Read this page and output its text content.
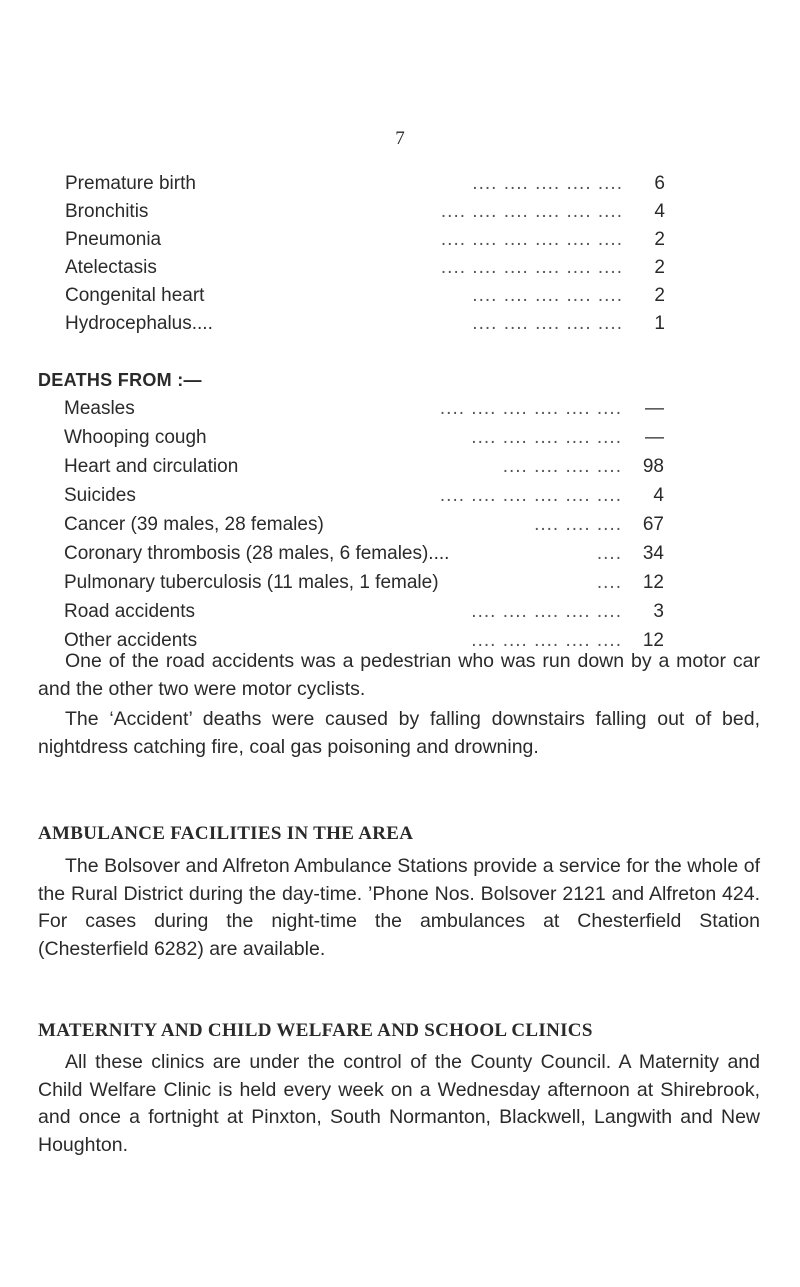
7
Premature birth	.... .... .... .... ....	6
Bronchitis	.... .... .... .... .... ....	4
Pneumonia	.... .... .... .... .... ....	2
Atelectasis	.... .... .... .... .... ....	2
Congenital heart	.... .... .... .... ....	2
Hydrocephalus....	.... .... .... .... ....	1
DEATHS FROM :—
Measles	.... .... .... .... .... ....	—
Whooping cough	.... .... .... .... ....	—
Heart and circulation	.... .... .... ....	98
Suicides	.... .... .... .... .... ....	4
Cancer (39 males, 28 females)	.... .... ....	67
Coronary thrombosis (28 males, 6 females)....	....	34
Pulmonary tuberculosis (11 males, 1 female)	....	12
Road accidents	.... .... .... .... ....	3
Other accidents	.... .... .... .... ....	12

One of the road accidents was a pedestrian who was run down by a motor car and the other two were motor cyclists.

The ‘Accident’ deaths were caused by falling downstairs falling out of bed, nightdress catching fire, coal gas poisoning and drowning.

AMBULANCE FACILITIES IN THE AREA

The Bolsover and Alfreton Ambulance Stations provide a service for the whole of the Rural District during the day-time. ’Phone Nos. Bolsover 2121 and Alfreton 424. For cases during the night-time the ambulances at Chesterfield Station (Chesterfield 6282) are available.

MATERNITY AND CHILD WELFARE AND SCHOOL CLINICS

All these clinics are under the control of the County Council. A Maternity and Child Welfare Clinic is held every week on a Wednesday afternoon at Shirebrook, and once a fortnight at Pinxton, South Normanton, Blackwell, Langwith and New Houghton.
